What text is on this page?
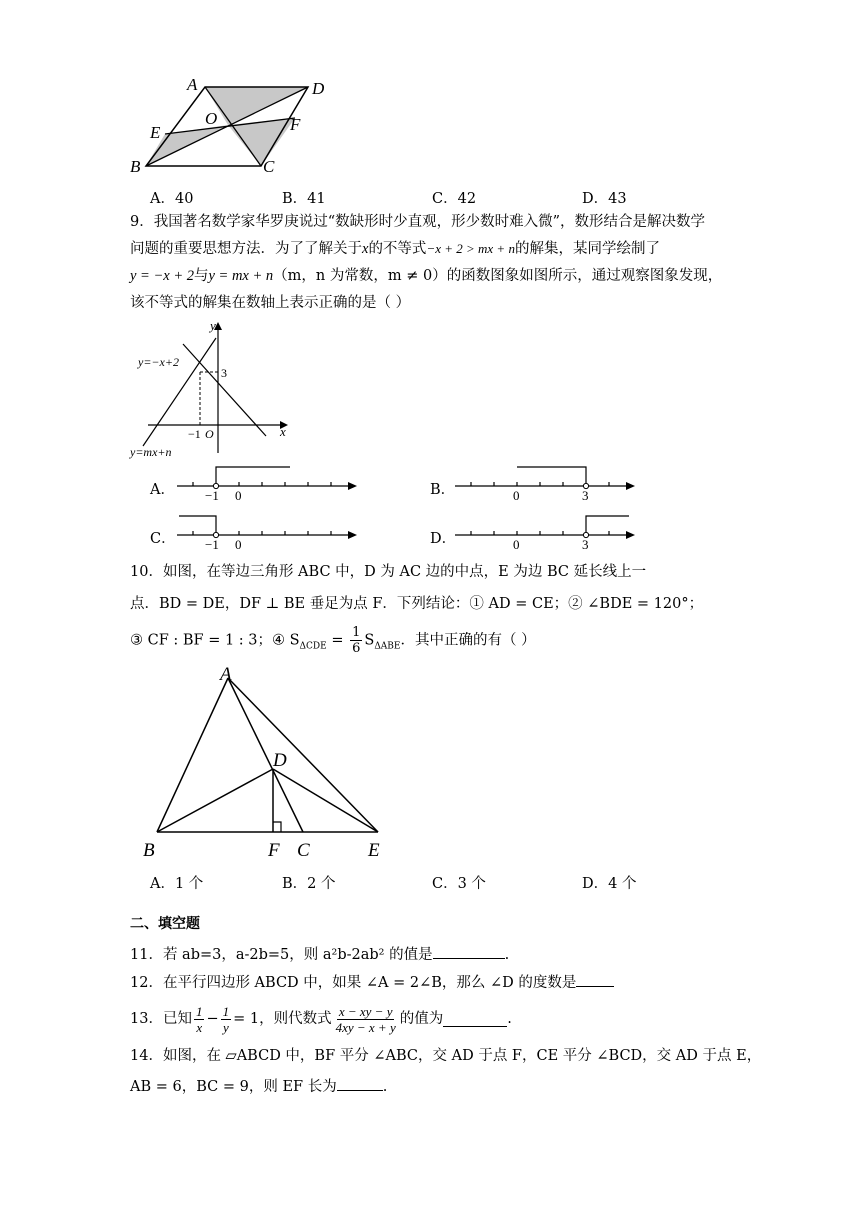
A	D
E	F
O
B	C
A．40	B．41	C．42	D．43
9．我国著名数学家华罗庚说过“数缺形时少直观，形少数时难入微”，数形结合是解决数学
问题的重要思想方法．为了了解关于x的不等式−x + 2 > mx + n的解集，某同学绘制了
y = −x + 2与y = mx + n（m，n 为常数，m ≠ 0）的函数图象如图所示，通过观察图象发现，
该不等式的解集在数轴上表示正确的是（ ）
y
x
y=−x+2
y=mx+n
3
−1 O
A． −1 0	B．	0	3
C． −1 0	D．	0	3
10．如图，在等边三角形 ABC 中，D 为 AC 边的中点，E 为边 BC 延长线上一
点．BD = DE，DF ⊥ BE 垂足为点 F．下列结论：① AD = CE；② ∠BDE = 120°；
③ CF : BF = 1 : 3；④ $S_{\Delta CDE} = \frac{1}{6} S_{\Delta ABE}$．其中正确的有（ ）
A
D
B	F C	E
A．1 个	B．2 个	C．3 个	D．4 个
二、填空题
11．若 ab=3，a-2b=5，则 a²b-2ab² 的值是	.
12．在平行四边形 ABCD 中，如果 ∠A = 2∠B，那么 ∠D 的度数是
13．已知 $\frac{1}{x} - \frac{1}{y} = 1$，则代数式 $\frac{x - xy - y}{4xy - x + y}$ 的值为	.
14．如图，在 ▱ABCD 中，BF 平分 ∠ABC，交 AD 于点 F，CE 平分 ∠BCD，交 AD 于点 E，
AB = 6，BC = 9，则 EF 长为	.
